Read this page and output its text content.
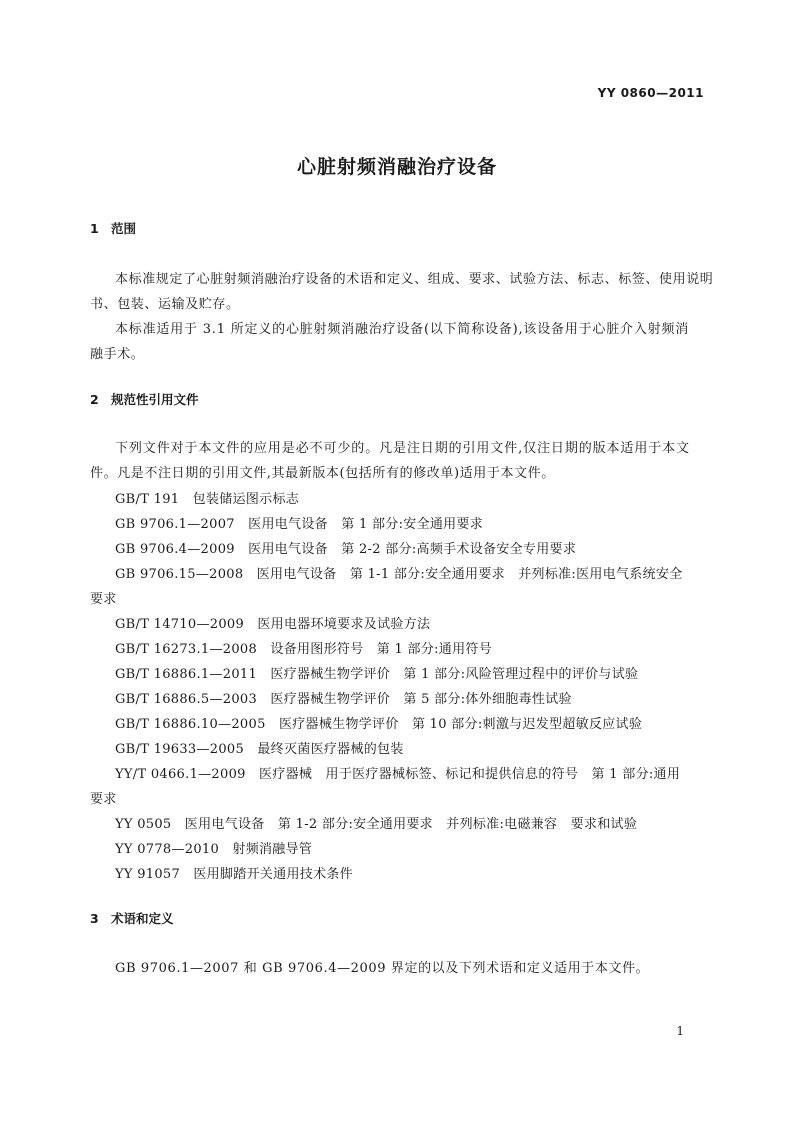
YY 0860—2011
心脏射频消融治疗设备
1 范围
本标准规定了心脏射频消融治疗设备的术语和定义、组成、要求、试验方法、标志、标签、使用说明
书、包装、运输及贮存。
本标准适用于 3.1 所定义的心脏射频消融治疗设备(以下简称设备),该设备用于心脏介入射频消
融手术。
2 规范性引用文件
下列文件对于本文件的应用是必不可少的。凡是注日期的引用文件,仅注日期的版本适用于本文
件。凡是不注日期的引用文件,其最新版本(包括所有的修改单)适用于本文件。
GB/T 191　 包装储运图示标志
GB 9706.1—2007　 医用电气设备　第 1 部分:安全通用要求
GB 9706.4—2009　 医用电气设备　第 2-2 部分:高频手术设备安全专用要求
GB 9706.15—2008　 医用电气设备　第 1-1 部分:安全通用要求　并列标准:医用电气系统安全
要求
GB/T 14710—2009　 医用电器环境要求及试验方法
GB/T 16273.1—2008　 设备用图形符号　第 1 部分:通用符号
GB/T 16886.1—2011　 医疗器械生物学评价　第 1 部分:风险管理过程中的评价与试验
GB/T 16886.5—2003　 医疗器械生物学评价　第 5 部分:体外细胞毒性试验
GB/T 16886.10—2005　 医疗器械生物学评价　第 10 部分:刺激与迟发型超敏反应试验
GB/T 19633—2005　 最终灭菌医疗器械的包装
YY/T 0466.1—2009　 医疗器械　用于医疗器械标签、标记和提供信息的符号　第 1 部分:通用
要求
YY 0505　 医用电气设备　第 1-2 部分:安全通用要求　并列标准:电磁兼容　要求和试验
YY 0778—2010　 射频消融导管
YY 91057　 医用脚踏开关通用技术条件
3 术语和定义
GB 9706.1—2007 和 GB 9706.4—2009 界定的以及下列术语和定义适用于本文件。
1
